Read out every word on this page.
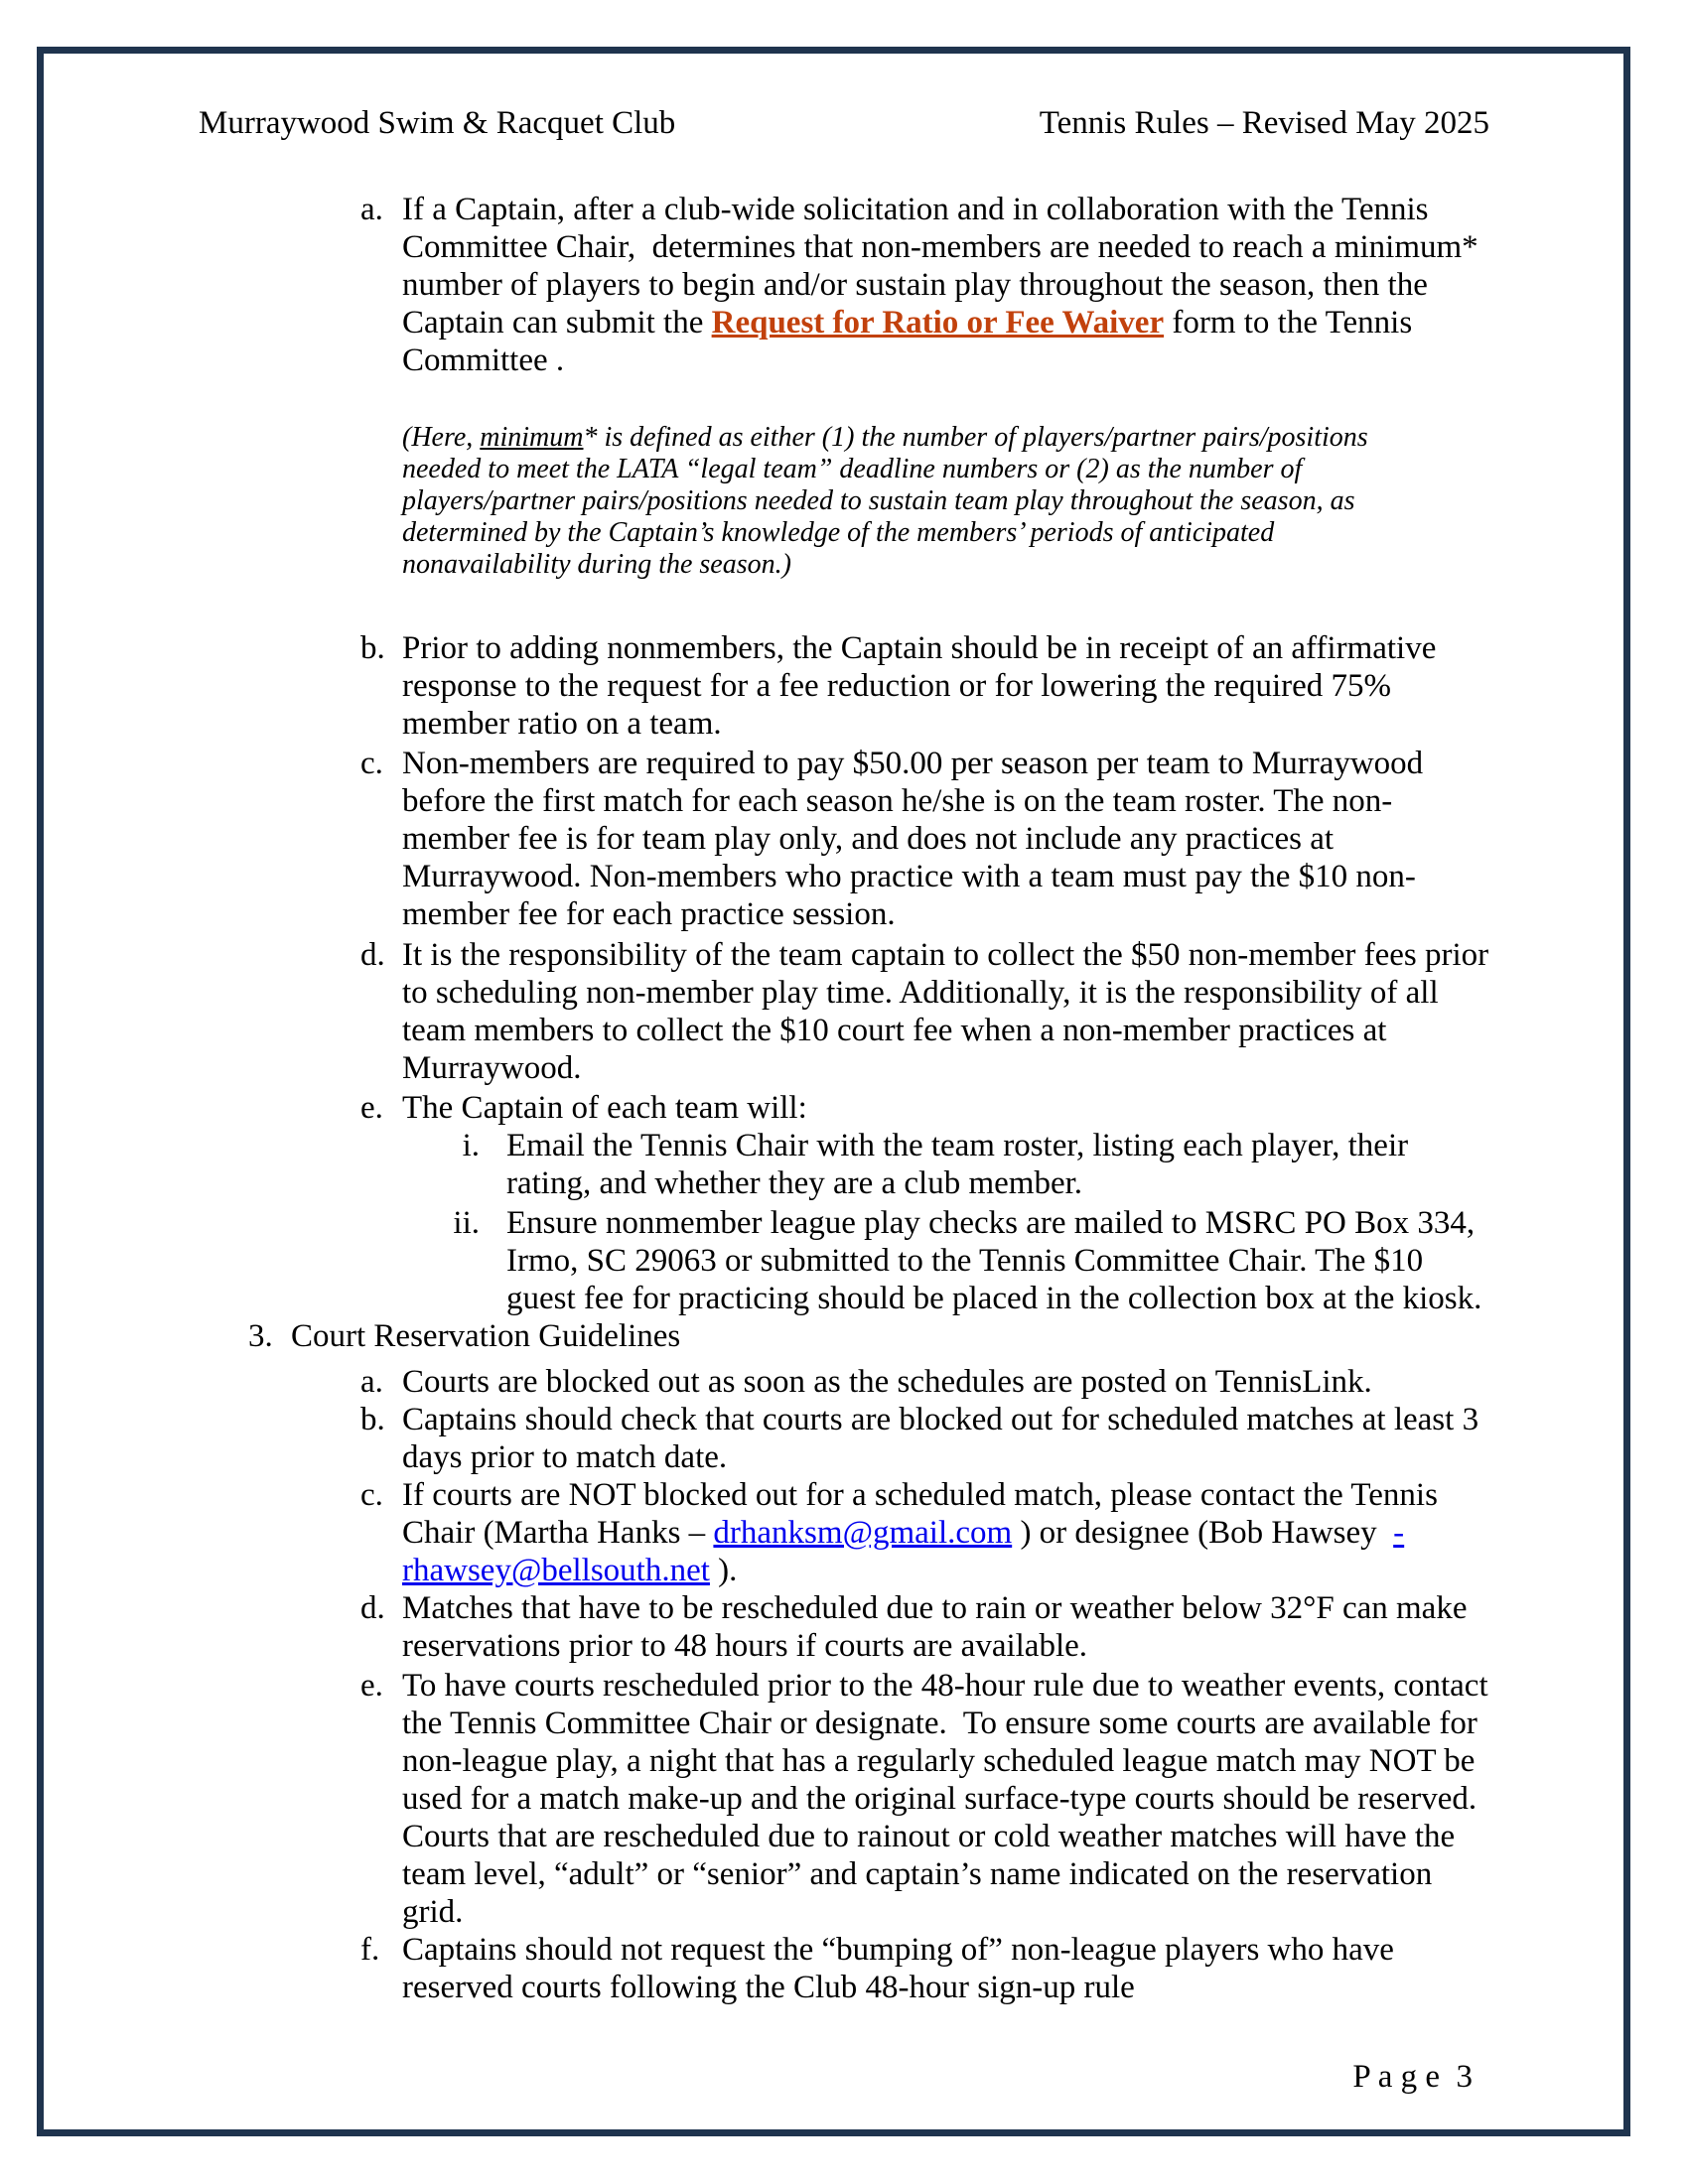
Murraywood Swim & Racquet Club	Tennis Rules – Revised May 2025
a. If a Captain, after a club-wide solicitation and in collaboration with the Tennis Committee Chair,  determines that non-members are needed to reach a minimum* number of players to begin and/or sustain play throughout the season, then the Captain can submit the Request for Ratio or Fee Waiver form to the Tennis Committee .
(Here, minimum* is defined as either (1) the number of players/partner pairs/positions needed to meet the LATA “legal team” deadline numbers or (2) as the number of players/partner pairs/positions needed to sustain team play throughout the season, as determined by the Captain’s knowledge of the members’ periods of anticipated nonavailability during the season.)
b. Prior to adding nonmembers, the Captain should be in receipt of an affirmative response to the request for a fee reduction or for lowering the required 75% member ratio on a team.
c. Non-members are required to pay $50.00 per season per team to Murraywood before the first match for each season he/she is on the team roster. The non-member fee is for team play only, and does not include any practices at Murraywood. Non-members who practice with a team must pay the $10 non-member fee for each practice session.
d. It is the responsibility of the team captain to collect the $50 non-member fees prior to scheduling non-member play time. Additionally, it is the responsibility of all team members to collect the $10 court fee when a non-member practices at Murraywood.
e. The Captain of each team will:
i. Email the Tennis Chair with the team roster, listing each player, their rating, and whether they are a club member.
ii. Ensure nonmember league play checks are mailed to MSRC PO Box 334, Irmo, SC 29063 or submitted to the Tennis Committee Chair. The $10 guest fee for practicing should be placed in the collection box at the kiosk.
3. Court Reservation Guidelines
a. Courts are blocked out as soon as the schedules are posted on TennisLink.
b. Captains should check that courts are blocked out for scheduled matches at least 3 days prior to match date.
c. If courts are NOT blocked out for a scheduled match, please contact the Tennis Chair (Martha Hanks – drhanksm@gmail.com ) or designee (Bob Hawsey  - rhawsey@bellsouth.net ).
d. Matches that have to be rescheduled due to rain or weather below 32°F can make reservations prior to 48 hours if courts are available.
e. To have courts rescheduled prior to the 48-hour rule due to weather events, contact the Tennis Committee Chair or designate.  To ensure some courts are available for non-league play, a night that has a regularly scheduled league match may NOT be used for a match make-up and the original surface-type courts should be reserved. Courts that are rescheduled due to rainout or cold weather matches will have the team level, “adult” or “senior” and captain’s name indicated on the reservation grid.
f. Captains should not request the “bumping of” non-league players who have reserved courts following the Club 48-hour sign-up rule

P a g e  3
